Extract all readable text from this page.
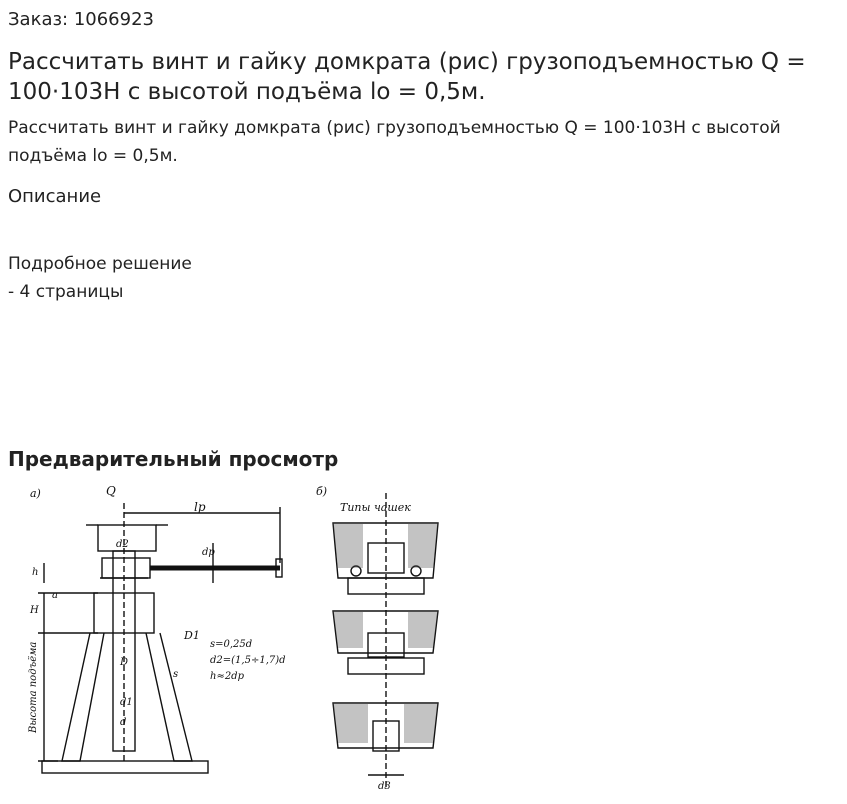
Заказ: 1066923
Рассчитать винт и гайку домкрата (рис) грузоподъемностью Q = 100·103Н с высотой подъёма lo = 0,5м.
Рассчитать винт и гайку домкрата (рис) грузоподъемностью Q = 100·103Н с высотой подъёма lo = 0,5м.
Описание
Подробное решение
- 4 страницы
Предварительный просмотр
а)	Q
lp
d2
dp
h
H
a
D1
D
s
d1
d
s=0,25d
d2=(1,5÷1,7)d
h≈2dp
Высота подъёма
б)
Типы чашек
d3
